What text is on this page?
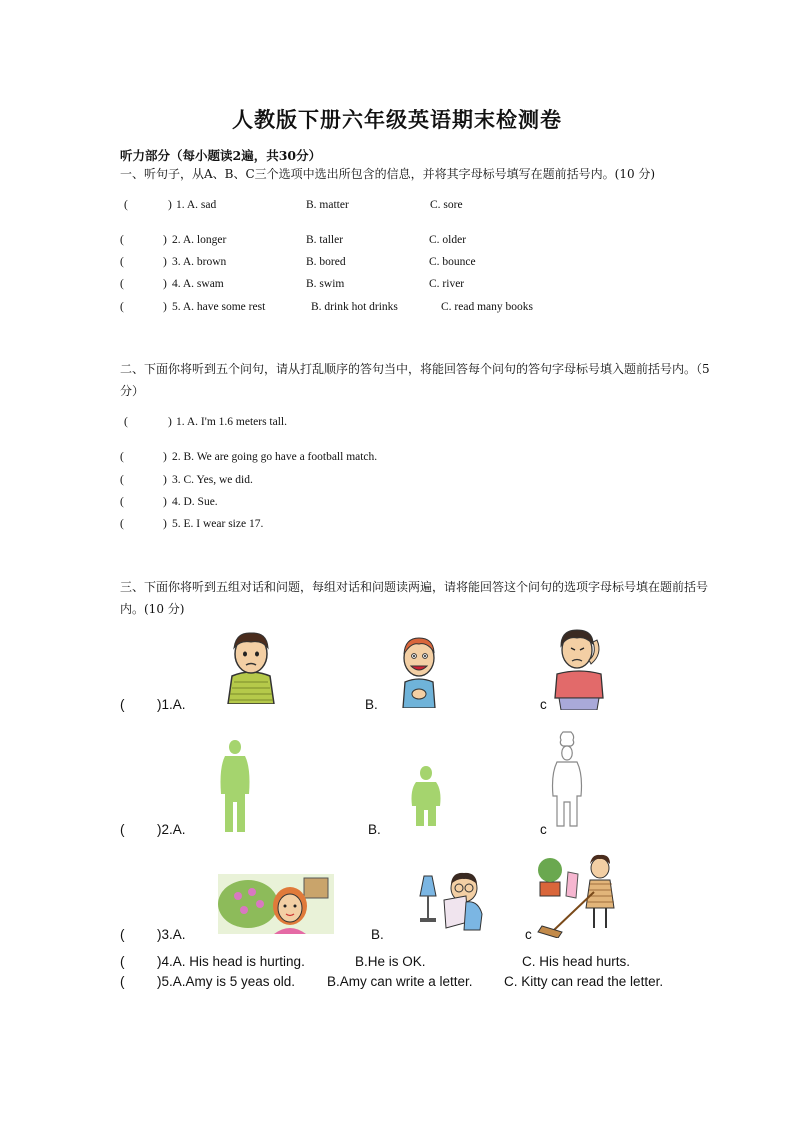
人教版下册六年级英语期末检测卷
听力部分（每小题读2遍，共30分）
一、听句子，从A、B、C三个选项中选出所包含的信息，并将其字母标号填写在题前括号内。(10 分)
(	) 1. A. sad	B. matter	C. sore
(	) 2. A. longer	B. taller	C. older
(	) 3. A. brown	B. bored	C. bounce
(	) 4. A. swam	B. swim	C. river
(	) 5. A. have some rest	B. drink hot drinks	C. read many books
二、下面你将听到五个问句，请从打乱顺序的答句当中，将能回答每个问句的答句字母标号填入题前括号内。（5 分）
(	) 1. A. I'm 1.6 meters tall.
(	) 2. B. We are going go have a football match.
(	) 3. C. Yes, we did.
(	) 4. D. Sue.
(	) 5. E. I wear size 17.
三、下面你将听到五组对话和问题，每组对话和问题读两遍，请将能回答这个问句的选项字母标号填在题前括号内。(10 分)
( )1.A.	B.	c
( )2.A.	B.	c
( )3.A.	B.	c
( )4.A. His head is hurting.	B.He is OK.	C. His head hurts.
( )5.A.Amy is 5 yeas old. B.Amy can write a letter. C. Kitty can read the letter.
